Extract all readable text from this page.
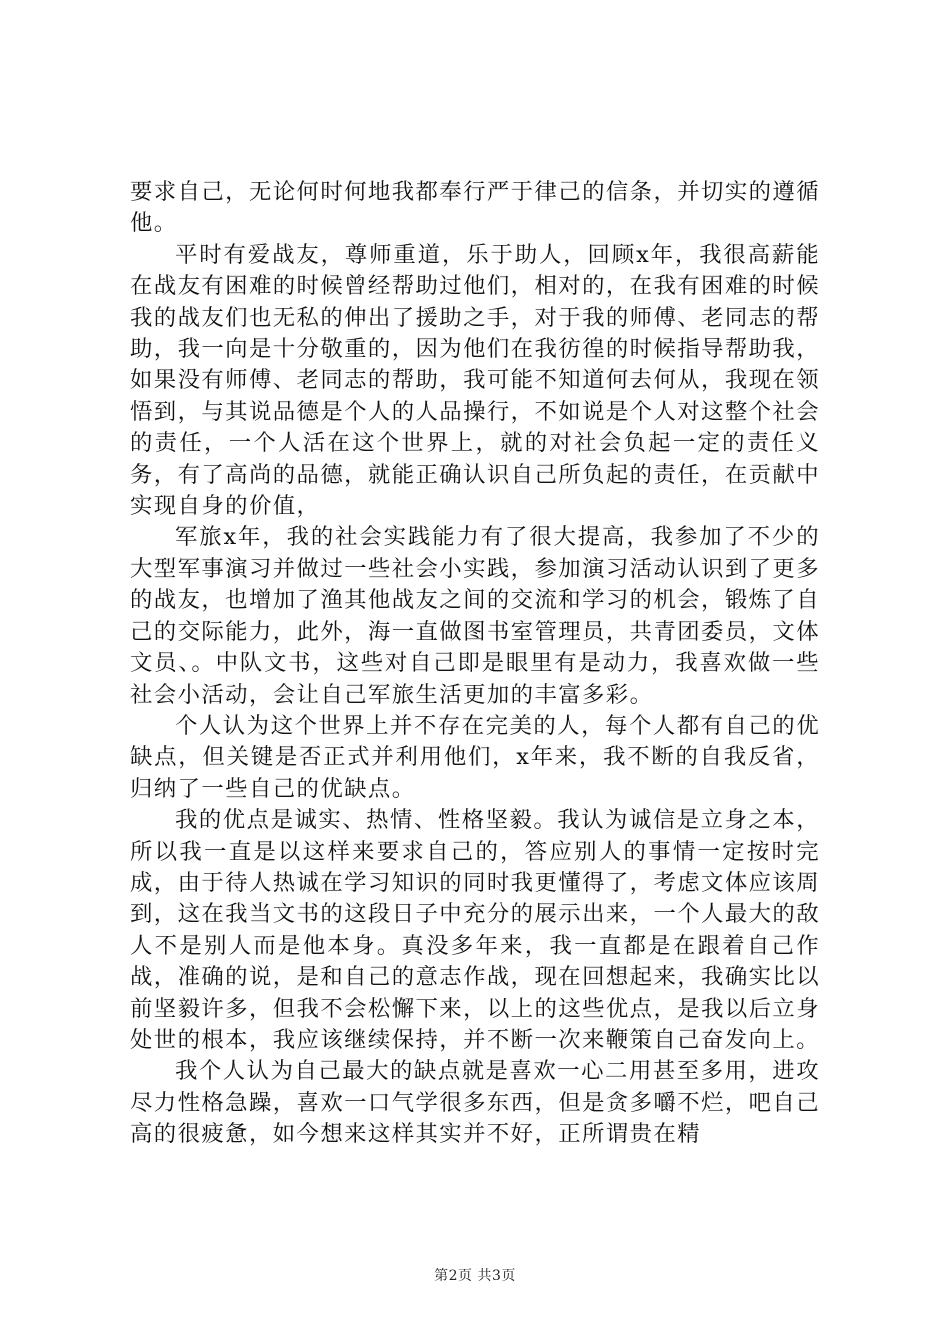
要求自己，无论何时何地我都奉行严于律己的信条，并切实的遵循他。

平时有爱战友，尊师重道，乐于助人，回顾x年，我很高薪能在战友有困难的时候曾经帮助过他们，相对的，在我有困难的时候我的战友们也无私的伸出了援助之手，对于我的师傅、老同志的帮助，我一向是十分敬重的，因为他们在我彷徨的时候指导帮助我，如果没有师傅、老同志的帮助，我可能不知道何去何从，我现在领悟到，与其说品德是个人的人品操行，不如说是个人对这整个社会的责任，一个人活在这个世界上，就的对社会负起一定的责任义务，有了高尚的品德，就能正确认识自己所负起的责任，在贡献中实现自身的价值，

军旅x年，我的社会实践能力有了很大提高，我参加了不少的大型军事演习并做过一些社会小实践，参加演习活动认识到了更多的战友，也增加了渔其他战友之间的交流和学习的机会，锻炼了自己的交际能力，此外，海一直做图书室管理员，共青团委员，文体文员、。中队文书，这些对自己即是眼里有是动力，我喜欢做一些社会小活动，会让自己军旅生活更加的丰富多彩。

个人认为这个世界上并不存在完美的人，每个人都有自己的优缺点，但关键是否正式并利用他们，x年来，我不断的自我反省，归纳了一些自己的优缺点。

我的优点是诚实、热情、性格坚毅。我认为诚信是立身之本，所以我一直是以这样来要求自己的，答应别人的事情一定按时完成，由于待人热诚在学习知识的同时我更懂得了，考虑文体应该周到，这在我当文书的这段日子中充分的展示出来，一个人最大的敌人不是别人而是他本身。真没多年来，我一直都是在跟着自己作战，准确的说，是和自己的意志作战，现在回想起来，我确实比以前坚毅许多，但我不会松懈下来，以上的这些优点，是我以后立身处世的根本，我应该继续保持，并不断一次来鞭策自己奋发向上。

我个人认为自己最大的缺点就是喜欢一心二用甚至多用，进攻尽力性格急躁，喜欢一口气学很多东西，但是贪多嚼不烂，吧自己高的很疲惫，如今想来这样其实并不好，正所谓贵在精

第2页 共3页
